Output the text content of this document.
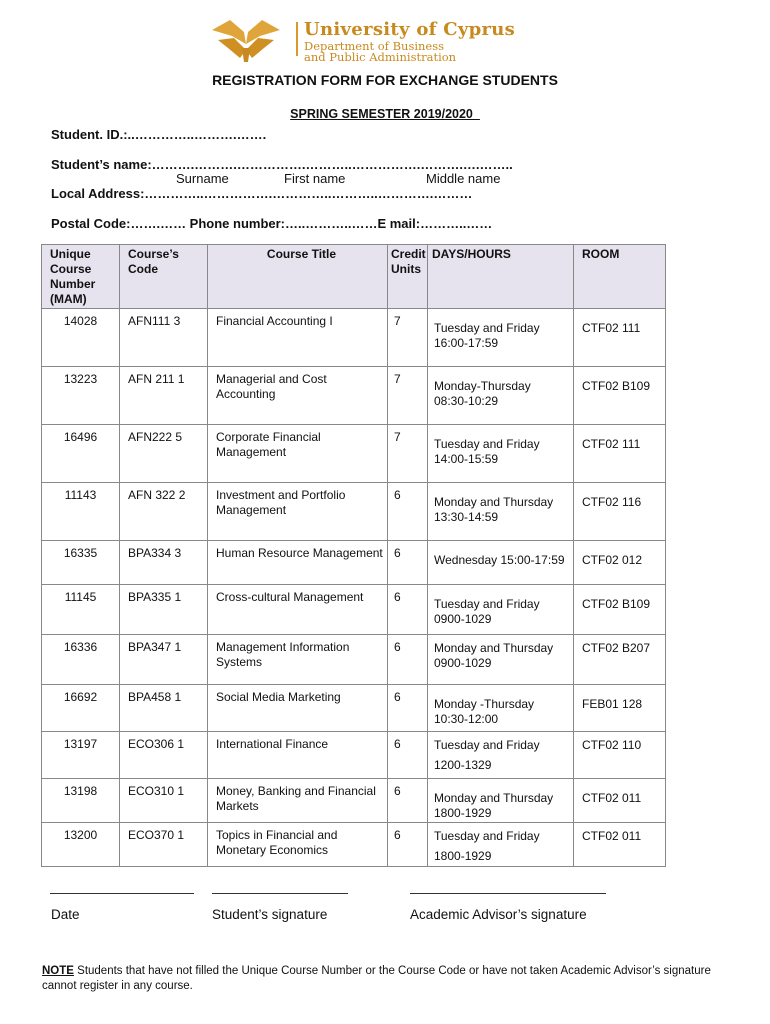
University of Cyprus
Department of Business
and Public Administration
REGISTRATION FORM FOR EXCHANGE STUDENTS
SPRING SEMESTER 2019/2020_
Student. ID.:..…………..……….…….
Student’s name:……….……….…………….………..…………….……….….……..
Surname	First name	Middle name
Local Address:…………..…………….…………..………..………….………
Postal Code:…….…… Phone number:…..………..……E mail:………..……
Unique Course Number (MAM)	Course’s Code	Course Title	Credit Units	DAYS/HOURS	ROOM
14028	AFN111 3	Financial Accounting I	7	Tuesday and Friday
16:00-17:59	CTF02 111
13223	AFN 211 1	Managerial and Cost Accounting	7	Monday-Thursday
08:30-10:29	CTF02 B109
16496	AFN222 5	Corporate Financial Management	7	Tuesday and Friday
14:00-15:59	CTF02 111
11143	AFN 322 2	Investment and Portfolio Management	6	Monday and Thursday
13:30-14:59	CTF02 116
16335	BPA334 3	Human Resource Management	6	Wednesday 15:00-17:59	CTF02 012
11145	BPA335 1	Cross-cultural Management	6	Tuesday and Friday
0900-1029	CTF02 B109
16336	BPA347 1	Management Information Systems	6	Monday and Thursday
0900-1029	CTF02 B207
16692	BPA458 1	Social Media Marketing	6	Monday -Thursday
10:30-12:00	FEB01 128
13197	ECO306 1	International Finance	6	Tuesday and Friday
1200-1329	CTF02 110
13198	ECO310 1	Money, Banking and Financial Markets	6	Monday and Thursday
1800-1929	CTF02 011
13200	ECO370 1	Topics in Financial and Monetary Economics	6	Tuesday and Friday
1800-1929	CTF02 011
Date	Student’s signature	Academic Advisor’s signature
NOTE Students that have not filled the Unique Course Number or the Course Code or have not taken Academic Advisor’s signature cannot register in any course.
